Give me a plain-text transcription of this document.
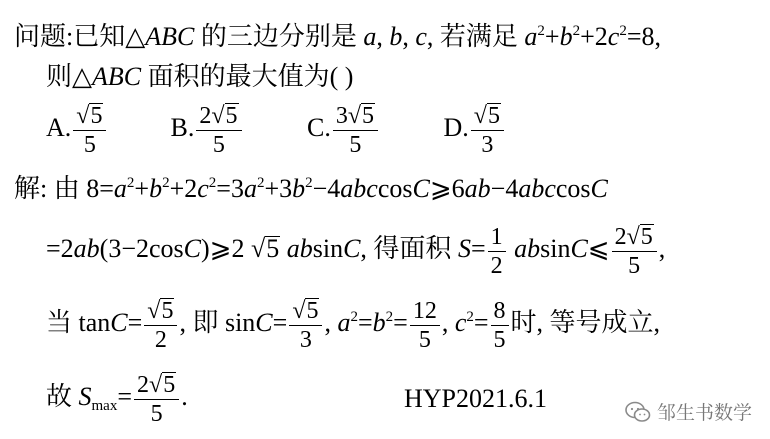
问题:已知△ABC 的三边分别是 a, b, c, 若满足 $a^2+b^2+2c^2=8$,
则△ABC 面积的最大值为( )
A. $\frac{√5}{5} B$. $\frac{2√5}{5}$	C. $\frac{3√5}{5}$	D. $\frac{√5}{3}$
解: 由 $8=a^2+b^2+2c^2=3a^2+3b^2-4abccosC⩾6ab-4abccosC$
=2ab(3−2cosC)⩾2 √5 absinC, 得面积 $S= \frac{1}{2}$ absinC⩽ $\frac{2√5}{5}$ ,
当 $\tan C= \frac{√5}{2}$ , 即 $\sin C= \frac{√5}{3}$ , $a^2=b^2= \frac{12}{5}$ , $c^2= \frac{8}{5}$ 时, 等号成立,
故 $S_{max}= \frac{2√5}{5}$ .	HYP2021.6.1	邹生书数学
